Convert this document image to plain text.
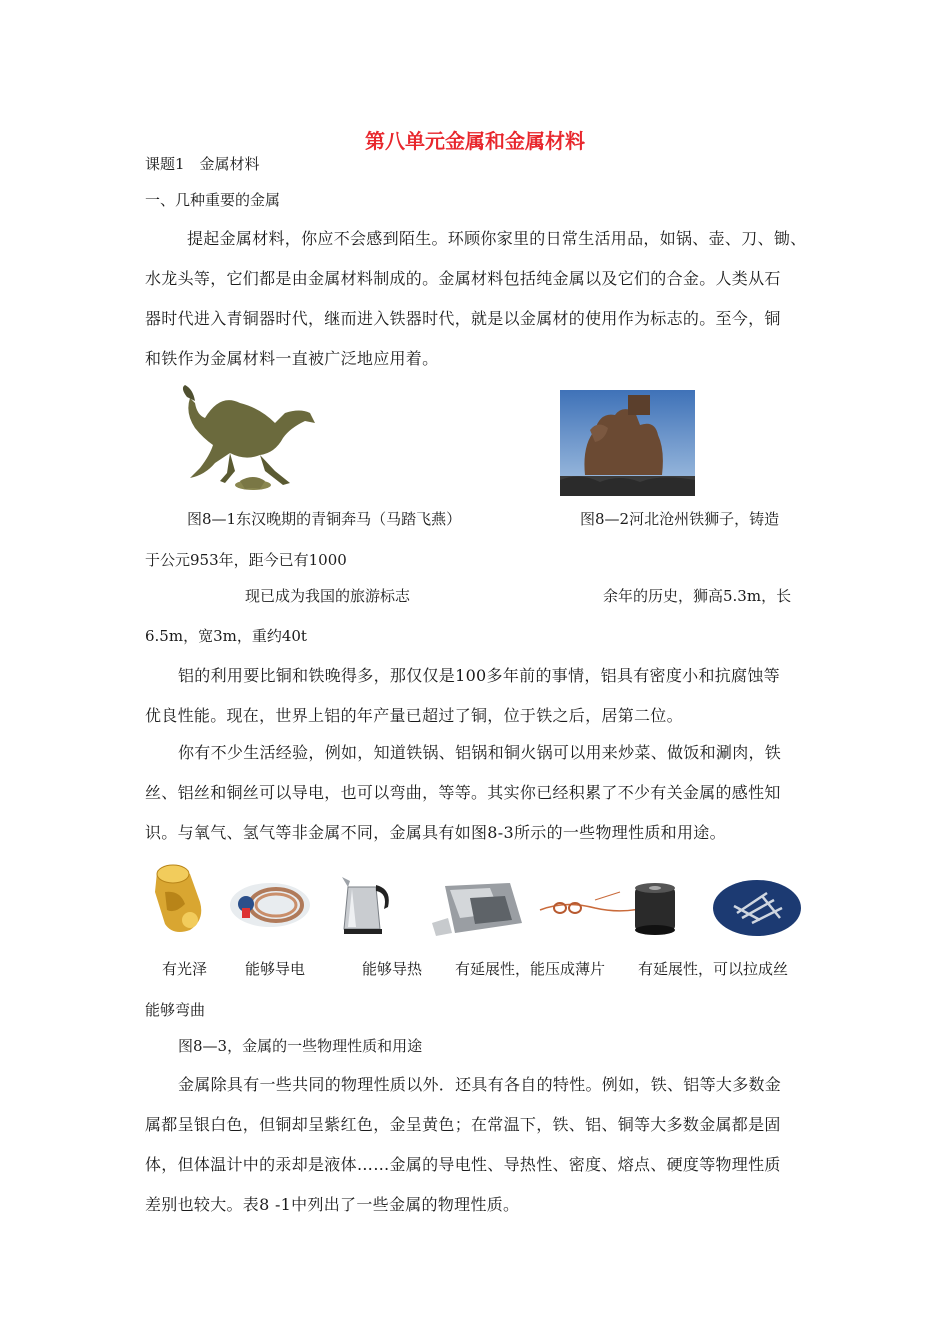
第八单元金属和金属材料
课题1　金属材料
一、几种重要的金属
提起金属材料，你应不会感到陌生。环顾你家里的日常生活用品，如锅、壶、刀、锄、
水龙头等，它们都是由金属材料制成的。金属材料包括纯金属以及它们的合金。人类从石
器时代进入青铜器时代，继而进入铁器时代，就是以金属材的使用作为标志的。至今，铜
和铁作为金属材料一直被广泛地应用着。
图8—1东汉晚期的青铜奔马（马踏飞燕）	图8—2河北沧州铁狮子，铸造
于公元953年，距今已有1000
现已成为我国的旅游标志	余年的历史，狮高5.3m，长
6.5m，宽3m，重约40t
铝的利用要比铜和铁晚得多，那仅仅是100多年前的事情，铝具有密度小和抗腐蚀等
优良性能。现在，世界上铝的年产量已超过了铜，位于铁之后，居第二位。
你有不少生活经验，例如，知道铁锅、铝锅和铜火锅可以用来炒菜、做饭和涮肉，铁
丝、铝丝和铜丝可以导电，也可以弯曲，等等。其实你已经积累了不少有关金属的感性知
识。与氧气、氢气等非金属不同，金属具有如图8-3所示的一些物理性质和用途。
有光泽	能够导电	能够导热 有延展性，能压成薄片 有延展性，可以拉成丝
能够弯曲
图8—3，金属的一些物理性质和用途
金属除具有一些共同的物理性质以外．还具有各自的特性。例如，铁、铝等大多数金
属都呈银白色，但铜却呈紫红色，金呈黄色；在常温下，铁、铝、铜等大多数金属都是固
体，但体温计中的汞却是液体……金属的导电性、导热性、密度、熔点、硬度等物理性质
差别也较大。表8 -1中列出了一些金属的物理性质。
